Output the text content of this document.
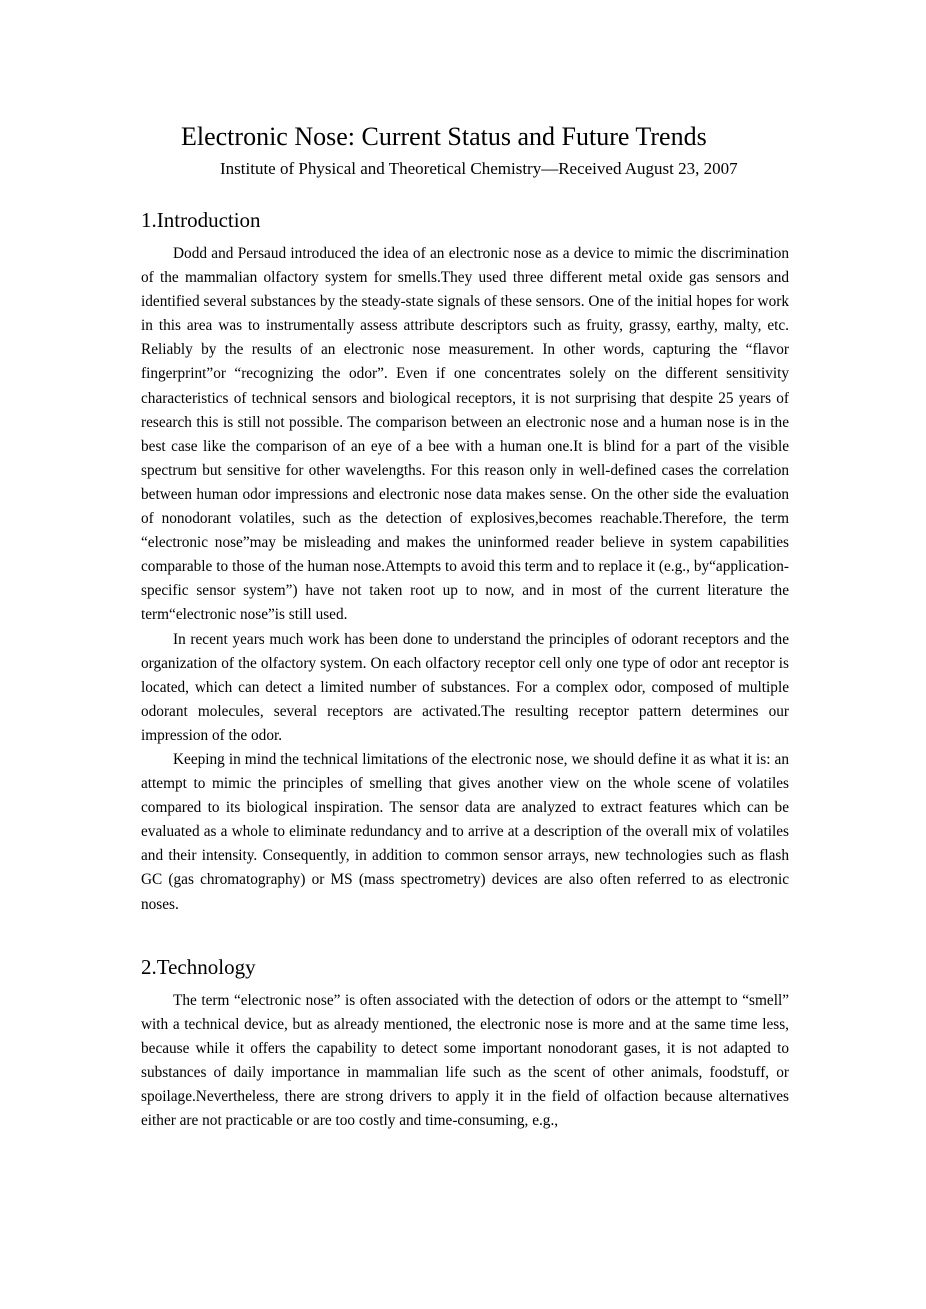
Electronic Nose: Current Status and Future Trends
Institute of Physical and Theoretical Chemistry—Received August 23, 2007
1.Introduction

Dodd and Persaud introduced the idea of an electronic nose as a device to mimic the discrimination of the mammalian olfactory system for smells.They used three different metal oxide gas sensors and identified several substances by the steady-state signals of these sensors. One of the initial hopes for work in this area was to instrumentally assess attribute descriptors such as fruity, grassy, earthy, malty, etc. Reliably by the results of an electronic nose measurement. In other words, capturing the “flavor fingerprint”or “recognizing the odor”. Even if one concentrates solely on the different sensitivity characteristics of technical sensors and biological receptors, it is not surprising that despite 25 years of research this is still not possible. The comparison between an electronic nose and a human nose is in the best case like the comparison of an eye of a bee with a human one.It is blind for a part of the visible spectrum but sensitive for other wavelengths. For this reason only in well-defined cases the correlation between human odor impressions and electronic nose data makes sense. On the other side the evaluation of nonodorant volatiles, such as the detection of explosives,becomes reachable.Therefore, the term “electronic nose”may be misleading and makes the uninformed reader believe in system capabilities comparable to those of the human nose.Attempts to avoid this term and to replace it (e.g., by“application-specific sensor system”) have not taken root up to now, and in most of the current literature the term“electronic nose”is still used.

In recent years much work has been done to understand the principles of odorant receptors and the organization of the olfactory system. On each olfactory receptor cell only one type of odor ant receptor is located, which can detect a limited number of substances. For a complex odor, composed of multiple odorant molecules, several receptors are activated.The resulting receptor pattern determines our impression of the odor.

Keeping in mind the technical limitations of the electronic nose, we should define it as what it is: an attempt to mimic the principles of smelling that gives another view on the whole scene of volatiles compared to its biological inspiration. The sensor data are analyzed to extract features which can be evaluated as a whole to eliminate redundancy and to arrive at a description of the overall mix of volatiles and their intensity. Consequently, in addition to common sensor arrays, new technologies such as flash GC (gas chromatography) or MS (mass spectrometry) devices are also often referred to as electronic noses.

2.Technology

The term “electronic nose” is often associated with the detection of odors or the attempt to “smell” with a technical device, but as already mentioned, the electronic nose is more and at the same time less, because while it offers the capability to detect some important nonodorant gases, it is not adapted to substances of daily importance in mammalian life such as the scent of other animals, foodstuff, or spoilage.Nevertheless, there are strong drivers to apply it in the field of olfaction because alternatives either are not practicable or are too costly and time-consuming, e.g.,
